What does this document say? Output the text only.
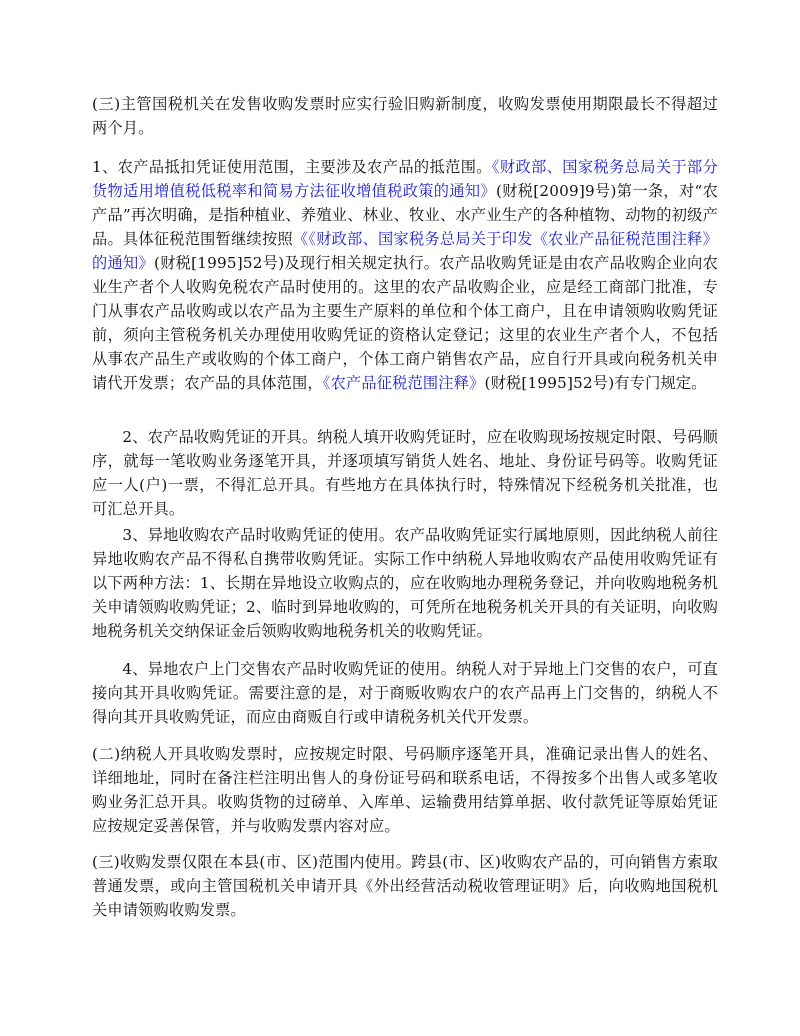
(三)主管国税机关在发售收购发票时应实行验旧购新制度，收购发票使用期限最长不得超过两个月。

1、农产品抵扣凭证使用范围，主要涉及农产品的抵范围。《财政部、国家税务总局关于部分货物适用增值税低税率和简易方法征收增值税政策的通知》(财税[2009]9号)第一条，对“农产品”再次明确，是指种植业、养殖业、林业、牧业、水产业生产的各种植物、动物的初级产品。具体征税范围暂继续按照《《财政部、国家税务总局关于印发《农业产品征税范围注释》的通知》(财税[1995]52号)及现行相关规定执行。农产品收购凭证是由农产品收购企业向农业生产者个人收购免税农产品时使用的。这里的农产品收购企业，应是经工商部门批准，专门从事农产品收购或以农产品为主要生产原料的单位和个体工商户，且在申请领购收购凭证前，须向主管税务机关办理使用收购凭证的资格认定登记；这里的农业生产者个人，不包括从事农产品生产或收购的个体工商户，个体工商户销售农产品，应自行开具或向税务机关申请代开发票；农产品的具体范围，《农产品征税范围注释》(财税[1995]52号)有专门规定。

2、农产品收购凭证的开具。纳税人填开收购凭证时，应在收购现场按规定时限、号码顺序，就每一笔收购业务逐笔开具，并逐项填写销货人姓名、地址、身份证号码等。收购凭证应一人(户)一票，不得汇总开具。有些地方在具体执行时，特殊情况下经税务机关批准，也可汇总开具。

3、异地收购农产品时收购凭证的使用。农产品收购凭证实行属地原则，因此纳税人前往异地收购农产品不得私自携带收购凭证。实际工作中纳税人异地收购农产品使用收购凭证有以下两种方法：1、长期在异地设立收购点的，应在收购地办理税务登记，并向收购地税务机关申请领购收购凭证；2、临时到异地收购的，可凭所在地税务机关开具的有关证明，向收购地税务机关交纳保证金后领购收购地税务机关的收购凭证。

4、异地农户上门交售农产品时收购凭证的使用。纳税人对于异地上门交售的农户，可直接向其开具收购凭证。需要注意的是，对于商贩收购农户的农产品再上门交售的，纳税人不得向其开具收购凭证，而应由商贩自行或申请税务机关代开发票。

(二)纳税人开具收购发票时，应按规定时限、号码顺序逐笔开具，准确记录出售人的姓名、详细地址，同时在备注栏注明出售人的身份证号码和联系电话，不得按多个出售人或多笔收购业务汇总开具。收购货物的过磅单、入库单、运输费用结算单据、收付款凭证等原始凭证应按规定妥善保管，并与收购发票内容对应。

(三)收购发票仅限在本县(市、区)范围内使用。跨县(市、区)收购农产品的，可向销售方索取普通发票，或向主管国税机关申请开具《外出经营活动税收管理证明》后，向收购地国税机关申请领购收购发票。
